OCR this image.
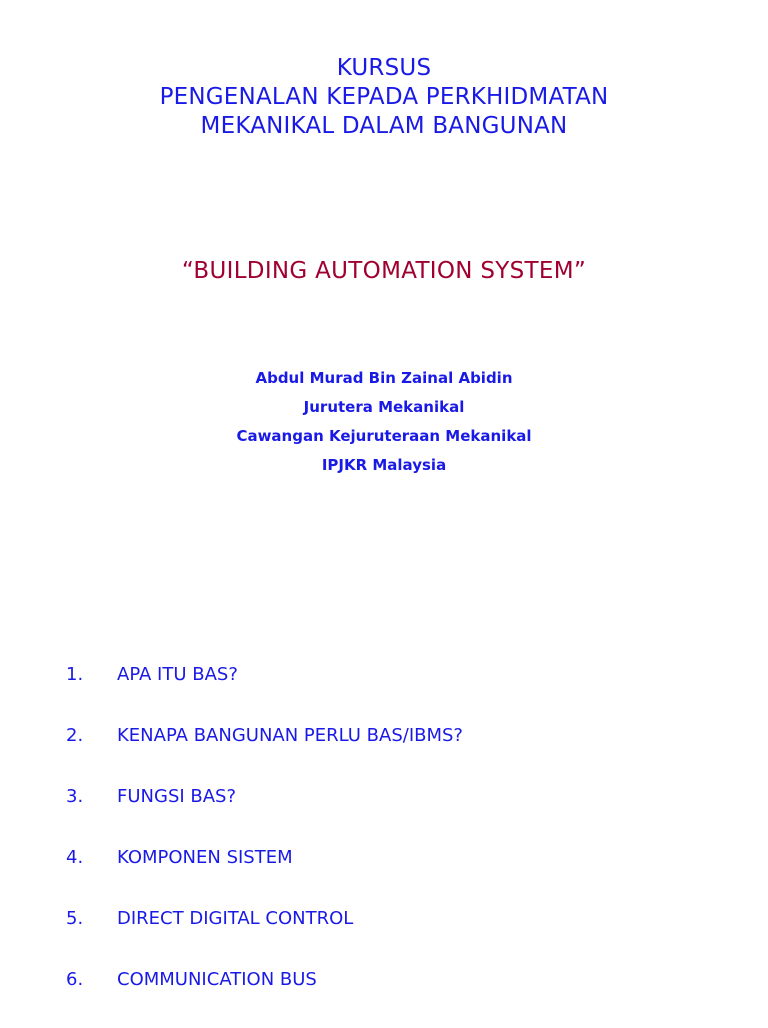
KURSUS
PENGENALAN KEPADA PERKHIDMATAN
MEKANIKAL DALAM BANGUNAN
“BUILDING AUTOMATION SYSTEM”
Abdul Murad Bin Zainal Abidin
Jurutera Mekanikal
Cawangan Kejuruteraan Mekanikal
IPJKR Malaysia
1. APA ITU BAS?
2. KENAPA BANGUNAN PERLU BAS/IBMS?
3. FUNGSI BAS?
4. KOMPONEN SISTEM
5. DIRECT DIGITAL CONTROL
6. COMMUNICATION BUS
